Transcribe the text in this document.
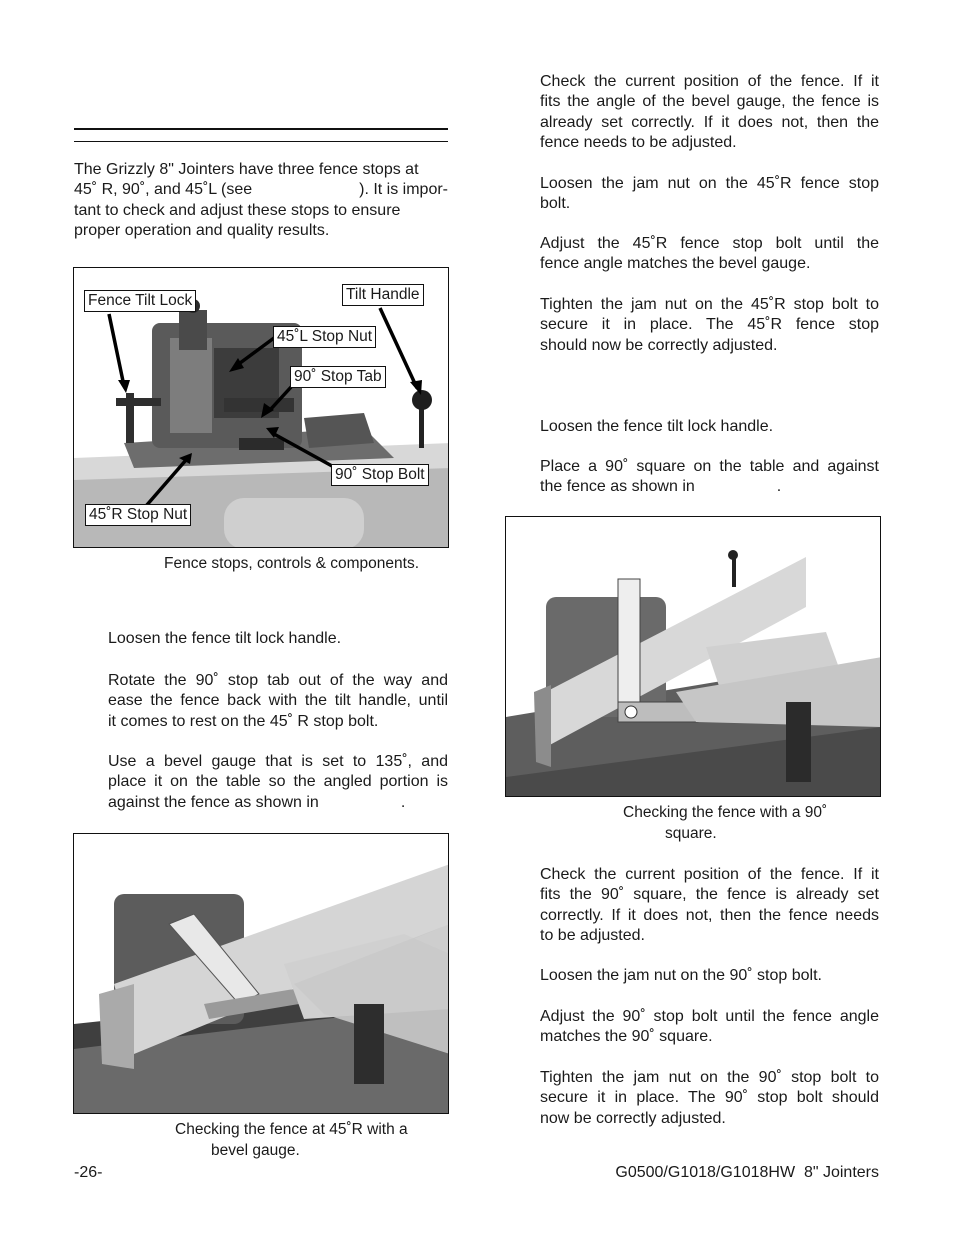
The Grizzly 8" Jointers have three fence stops at
45˚ R, 90˚, and 45˚L (see	). It is impor-
tant to check and adjust these stops to ensure
proper operation and quality results.
Fence Tilt Lock	Tilt Handle
45˚L Stop Nut
90˚ Stop Tab
90˚ Stop Bolt
45˚R Stop Nut
Fence stops, controls & components.
Loosen the fence tilt lock handle.
Rotate the 90˚ stop tab out of the way and
ease the fence back with the tilt handle, until
it comes to rest on the 45˚ R stop bolt.
Use a bevel gauge that is set to 135˚, and
place it on the table so the angled portion is
against the fence as shown in	.
Checking the fence at 45˚R with a
bevel gauge.
Check the current position of the fence. If it
fits the angle of the bevel gauge, the fence is
already set correctly. If it does not, then the
fence needs to be adjusted.
Loosen the jam nut on the 45˚R fence stop
bolt.
Adjust the 45˚R fence stop bolt until the
fence angle matches the bevel gauge.
Tighten the jam nut on the 45˚R stop bolt to
secure it in place. The 45˚R fence stop
should now be correctly adjusted.
Loosen the fence tilt lock handle.
Place a 90˚ square on the table and against
the fence as shown in	.
Checking the fence with a 90˚
square.
Check the current position of the fence. If it
fits the 90˚ square, the fence is already set
correctly. If it does not, then the fence needs
to be adjusted.
Loosen the jam nut on the 90˚ stop bolt.
Adjust the 90˚ stop bolt until the fence angle
matches the 90˚ square.
Tighten the jam nut on the 90˚ stop bolt to
secure it in place. The 90˚ stop bolt should
now be correctly adjusted.
-26-	G0500/G1018/G1018HW  8" Jointers
